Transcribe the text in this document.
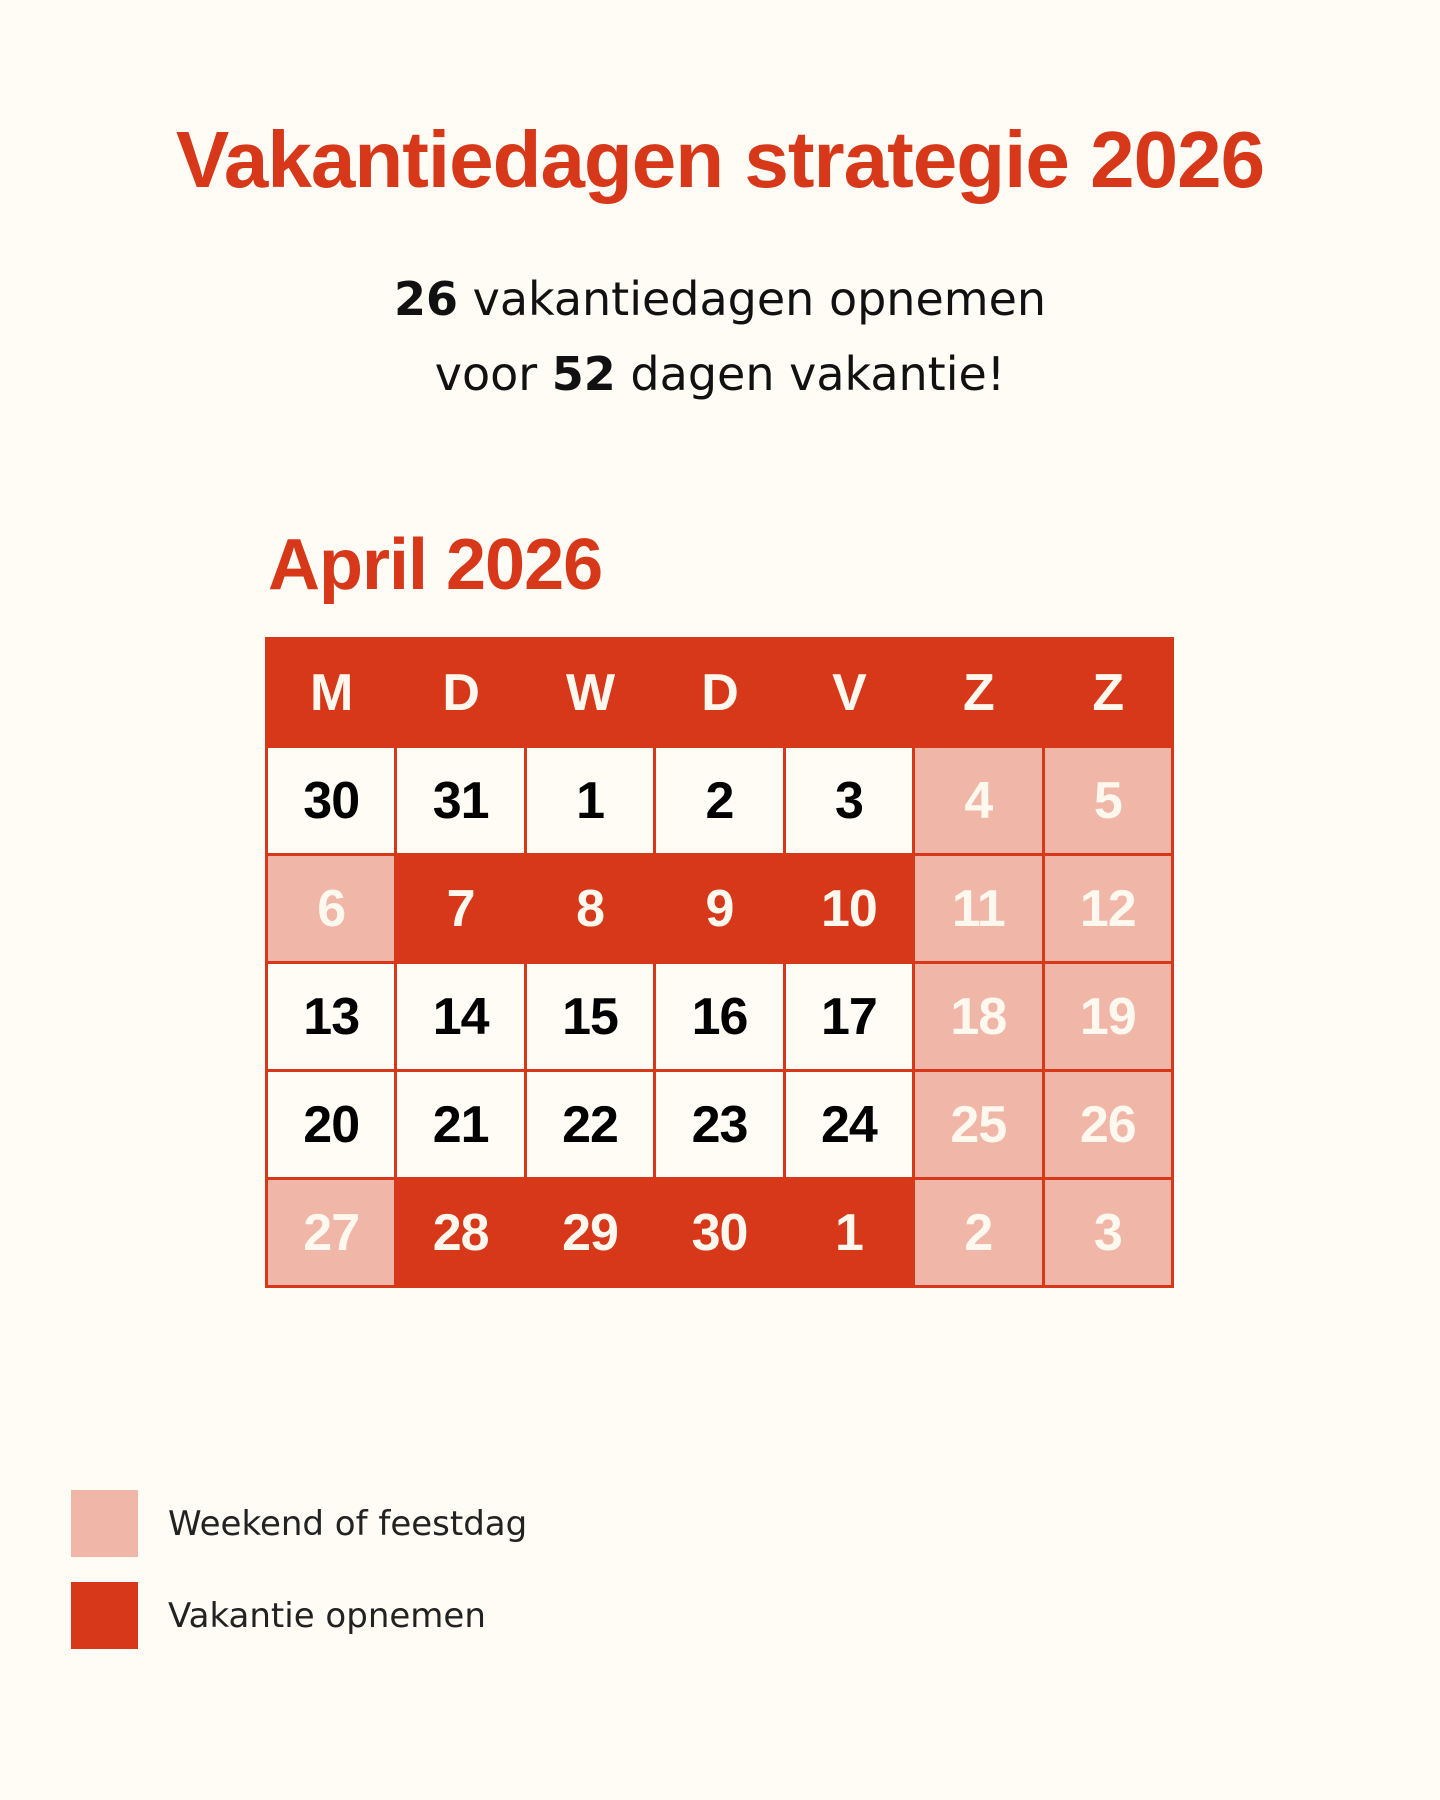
Vakantiedagen strategie 2026
26 vakantiedagen opnemen
voor 52 dagen vakantie!
April 2026
M D W D V Z Z
30 31 1 2 3 4 5
6 7 8 9 10 11 12
13 14 15 16 17 18 19
20 21 22 23 24 25 26
27 28 29 30 1 2 3
Weekend of feestdag
Vakantie opnemen
